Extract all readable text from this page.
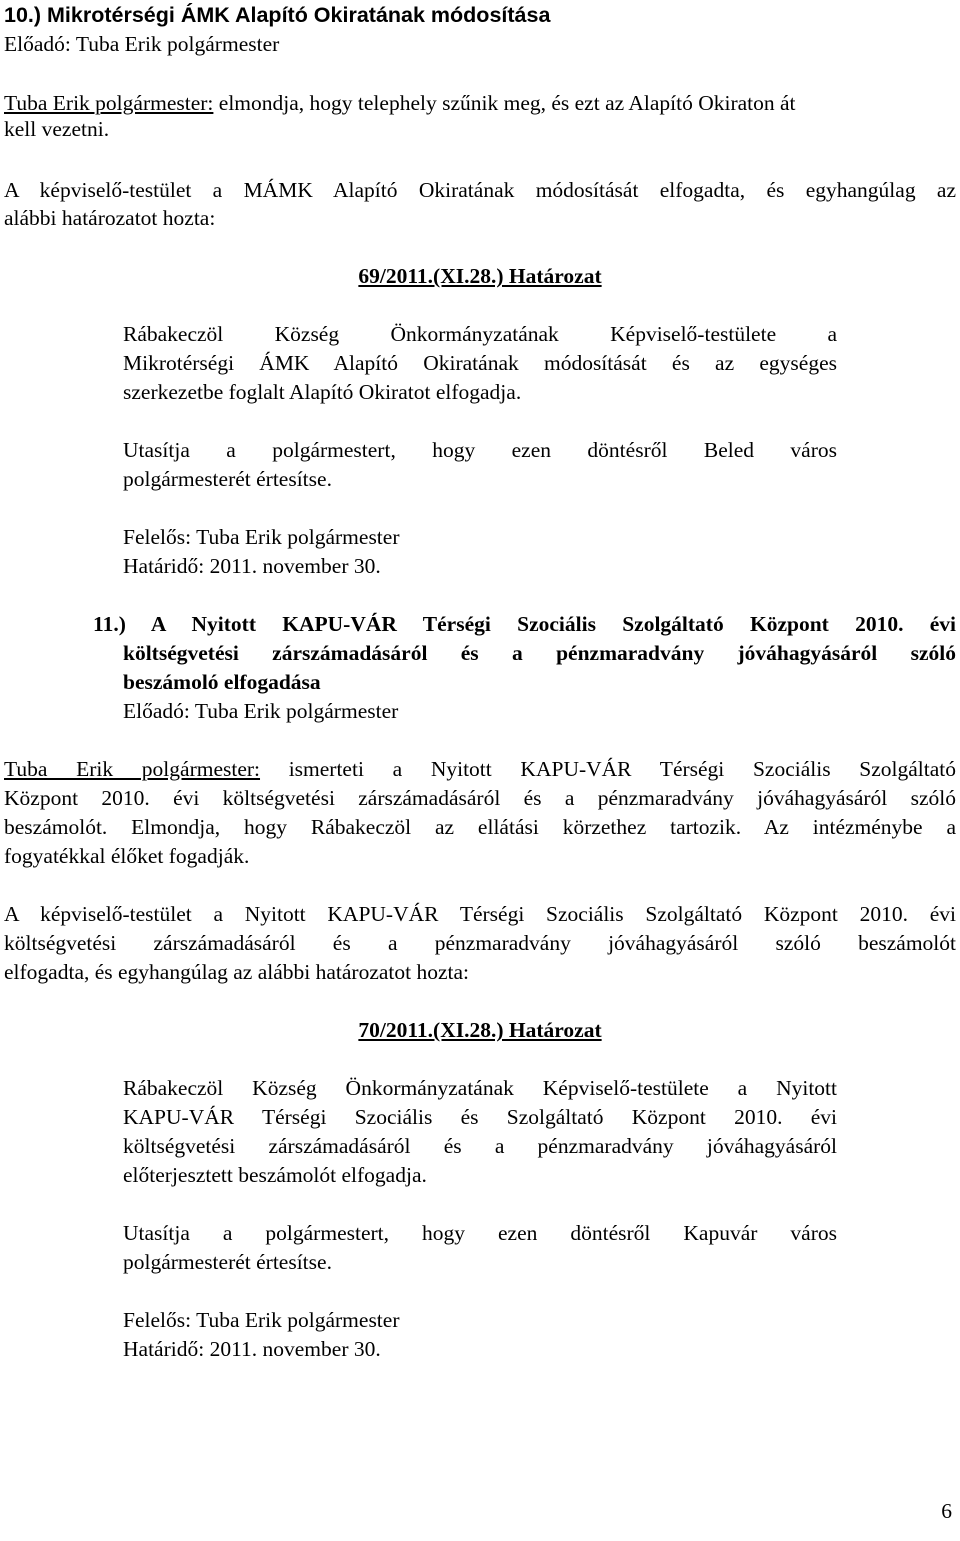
10.) Mikrotérségi ÁMK Alapító Okiratának módosítása
Előadó: Tuba Erik polgármester
Tuba Erik polgármester: elmondja, hogy telephely szűnik meg, és ezt az Alapító Okiraton át
kell vezetni.
A képviselő-testület a MÁMK Alapító Okiratának módosítását elfogadta, és egyhangúlag az
alábbi határozatot hozta:
69/2011.(XI.28.) Határozat
Rábakeczöl Község Önkormányzatának Képviselő-testülete a
Mikrotérségi ÁMK Alapító Okiratának módosítását és az egységes
szerkezetbe foglalt Alapító Okiratot elfogadja.
Utasítja a polgármestert, hogy ezen döntésről Beled város
polgármesterét értesítse.
Felelős: Tuba Erik polgármester
Határidő: 2011. november 30.
11.) A Nyitott KAPU-VÁR Térségi Szociális Szolgáltató Központ 2010. évi
költségvetési zárszámadásáról és a pénzmaradvány jóváhagyásáról szóló
beszámoló elfogadása
Előadó: Tuba Erik polgármester
Tuba Erik polgármester: ismerteti a Nyitott KAPU-VÁR Térségi Szociális Szolgáltató
Központ 2010. évi költségvetési zárszámadásáról és a pénzmaradvány jóváhagyásáról szóló
beszámolót. Elmondja, hogy Rábakeczöl az ellátási körzethez tartozik. Az intézménybe a
fogyatékkal élőket fogadják.
A képviselő-testület a Nyitott KAPU-VÁR Térségi Szociális Szolgáltató Központ 2010. évi
költségvetési zárszámadásáról és a pénzmaradvány jóváhagyásáról szóló beszámolót
elfogadta, és egyhangúlag az alábbi határozatot hozta:
70/2011.(XI.28.) Határozat
Rábakeczöl Község Önkormányzatának Képviselő-testülete a Nyitott
KAPU-VÁR Térségi Szociális és Szolgáltató Központ 2010. évi
költségvetési zárszámadásáról és a pénzmaradvány jóváhagyásáról
előterjesztett beszámolót elfogadja.
Utasítja a polgármestert, hogy ezen döntésről Kapuvár város
polgármesterét értesítse.
Felelős: Tuba Erik polgármester
Határidő: 2011. november 30.
6
